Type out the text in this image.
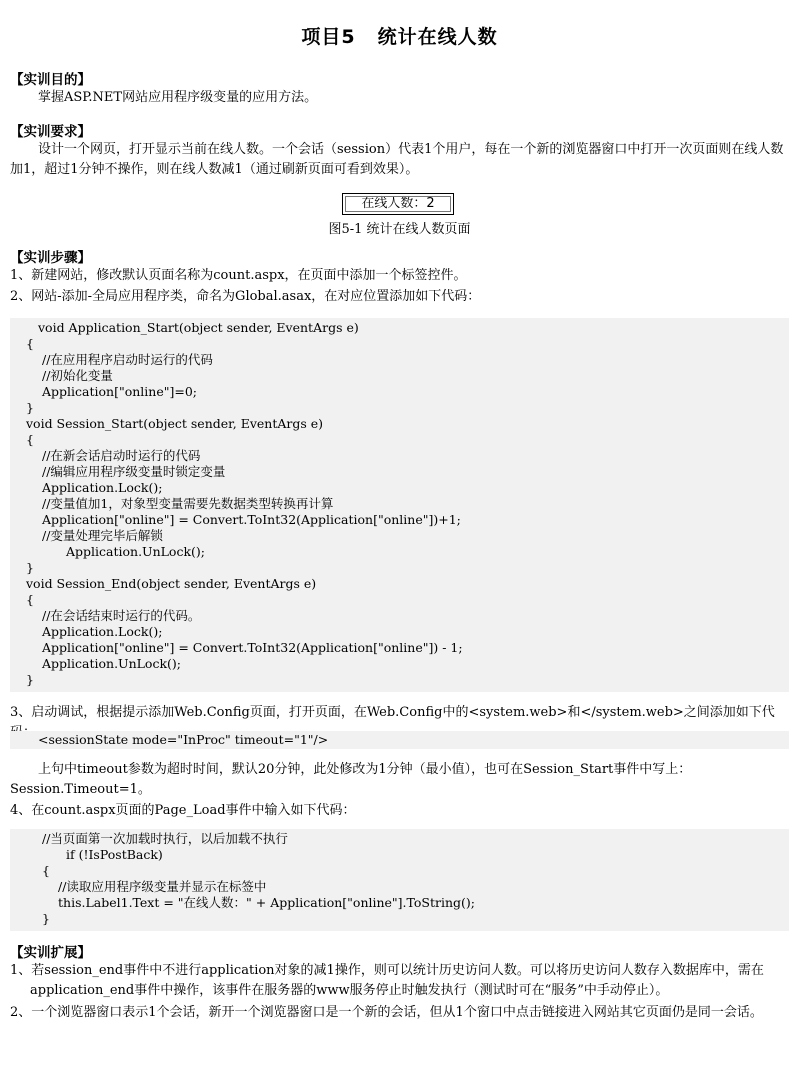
项目5 统计在线人数
【实训目的】
掌握ASP.NET网站应用程序级变量的应用方法。
【实训要求】
设计一个网页，打开显示当前在线人数。一个会话（session）代表1个用户，每在一个新的浏览器窗口中打开一次页面则在线人数加1，超过1分钟不操作，则在线人数减1（通过刷新页面可看到效果）。
在线人数：2
图5-1 统计在线人数页面
【实训步骤】
1、新建网站，修改默认页面名称为count.aspx，在页面中添加一个标签控件。
2、网站-添加-全局应用程序类，命名为Global.asax，在对应位置添加如下代码：
void Application_Start(object sender, EventArgs e)
{
//在应用程序启动时运行的代码
//初始化变量
Application["online"]=0;
}
void Session_Start(object sender, EventArgs e)
{
//在新会话启动时运行的代码
//编辑应用程序级变量时锁定变量
Application.Lock();
//变量值加1，对象型变量需要先数据类型转换再计算
Application["online"] = Convert.ToInt32(Application["online"])+1;
//变量处理完毕后解锁
Application.UnLock();
}
void Session_End(object sender, EventArgs e)
{
//在会话结束时运行的代码。
Application.Lock();
Application["online"] = Convert.ToInt32(Application["online"]) - 1;
Application.UnLock();
}
3、启动调试，根据提示添加Web.Config页面，打开页面，在Web.Config中的<system.web>和</system.web>之间添加如下代
<sessionState mode="InProc" timeout="1"/>
上句中timeout参数为超时时间，默认20分钟，此处修改为1分钟（最小值），也可在Session_Start事件中写上：Session.Timeout=1。
4、在count.aspx页面的Page_Load事件中输入如下代码：
//当页面第一次加载时执行，以后加载不执行
if (!IsPostBack)
{
//读取应用程序级变量并显示在标签中
this.Label1.Text = "在线人数：" + Application["online"].ToString();
}
【实训扩展】
1、若session_end事件中不进行application对象的减1操作，则可以统计历史访问人数。可以将历史访问人数存入数据库中，需在application_end事件中操作，该事件在服务器的www服务停止时触发执行（测试时可在“服务”中手动停止）。
2、一个浏览器窗口表示1个会话，新开一个浏览器窗口是一个新的会话，但从1个窗口中点击链接进入网站其它页面仍是同一会话。
